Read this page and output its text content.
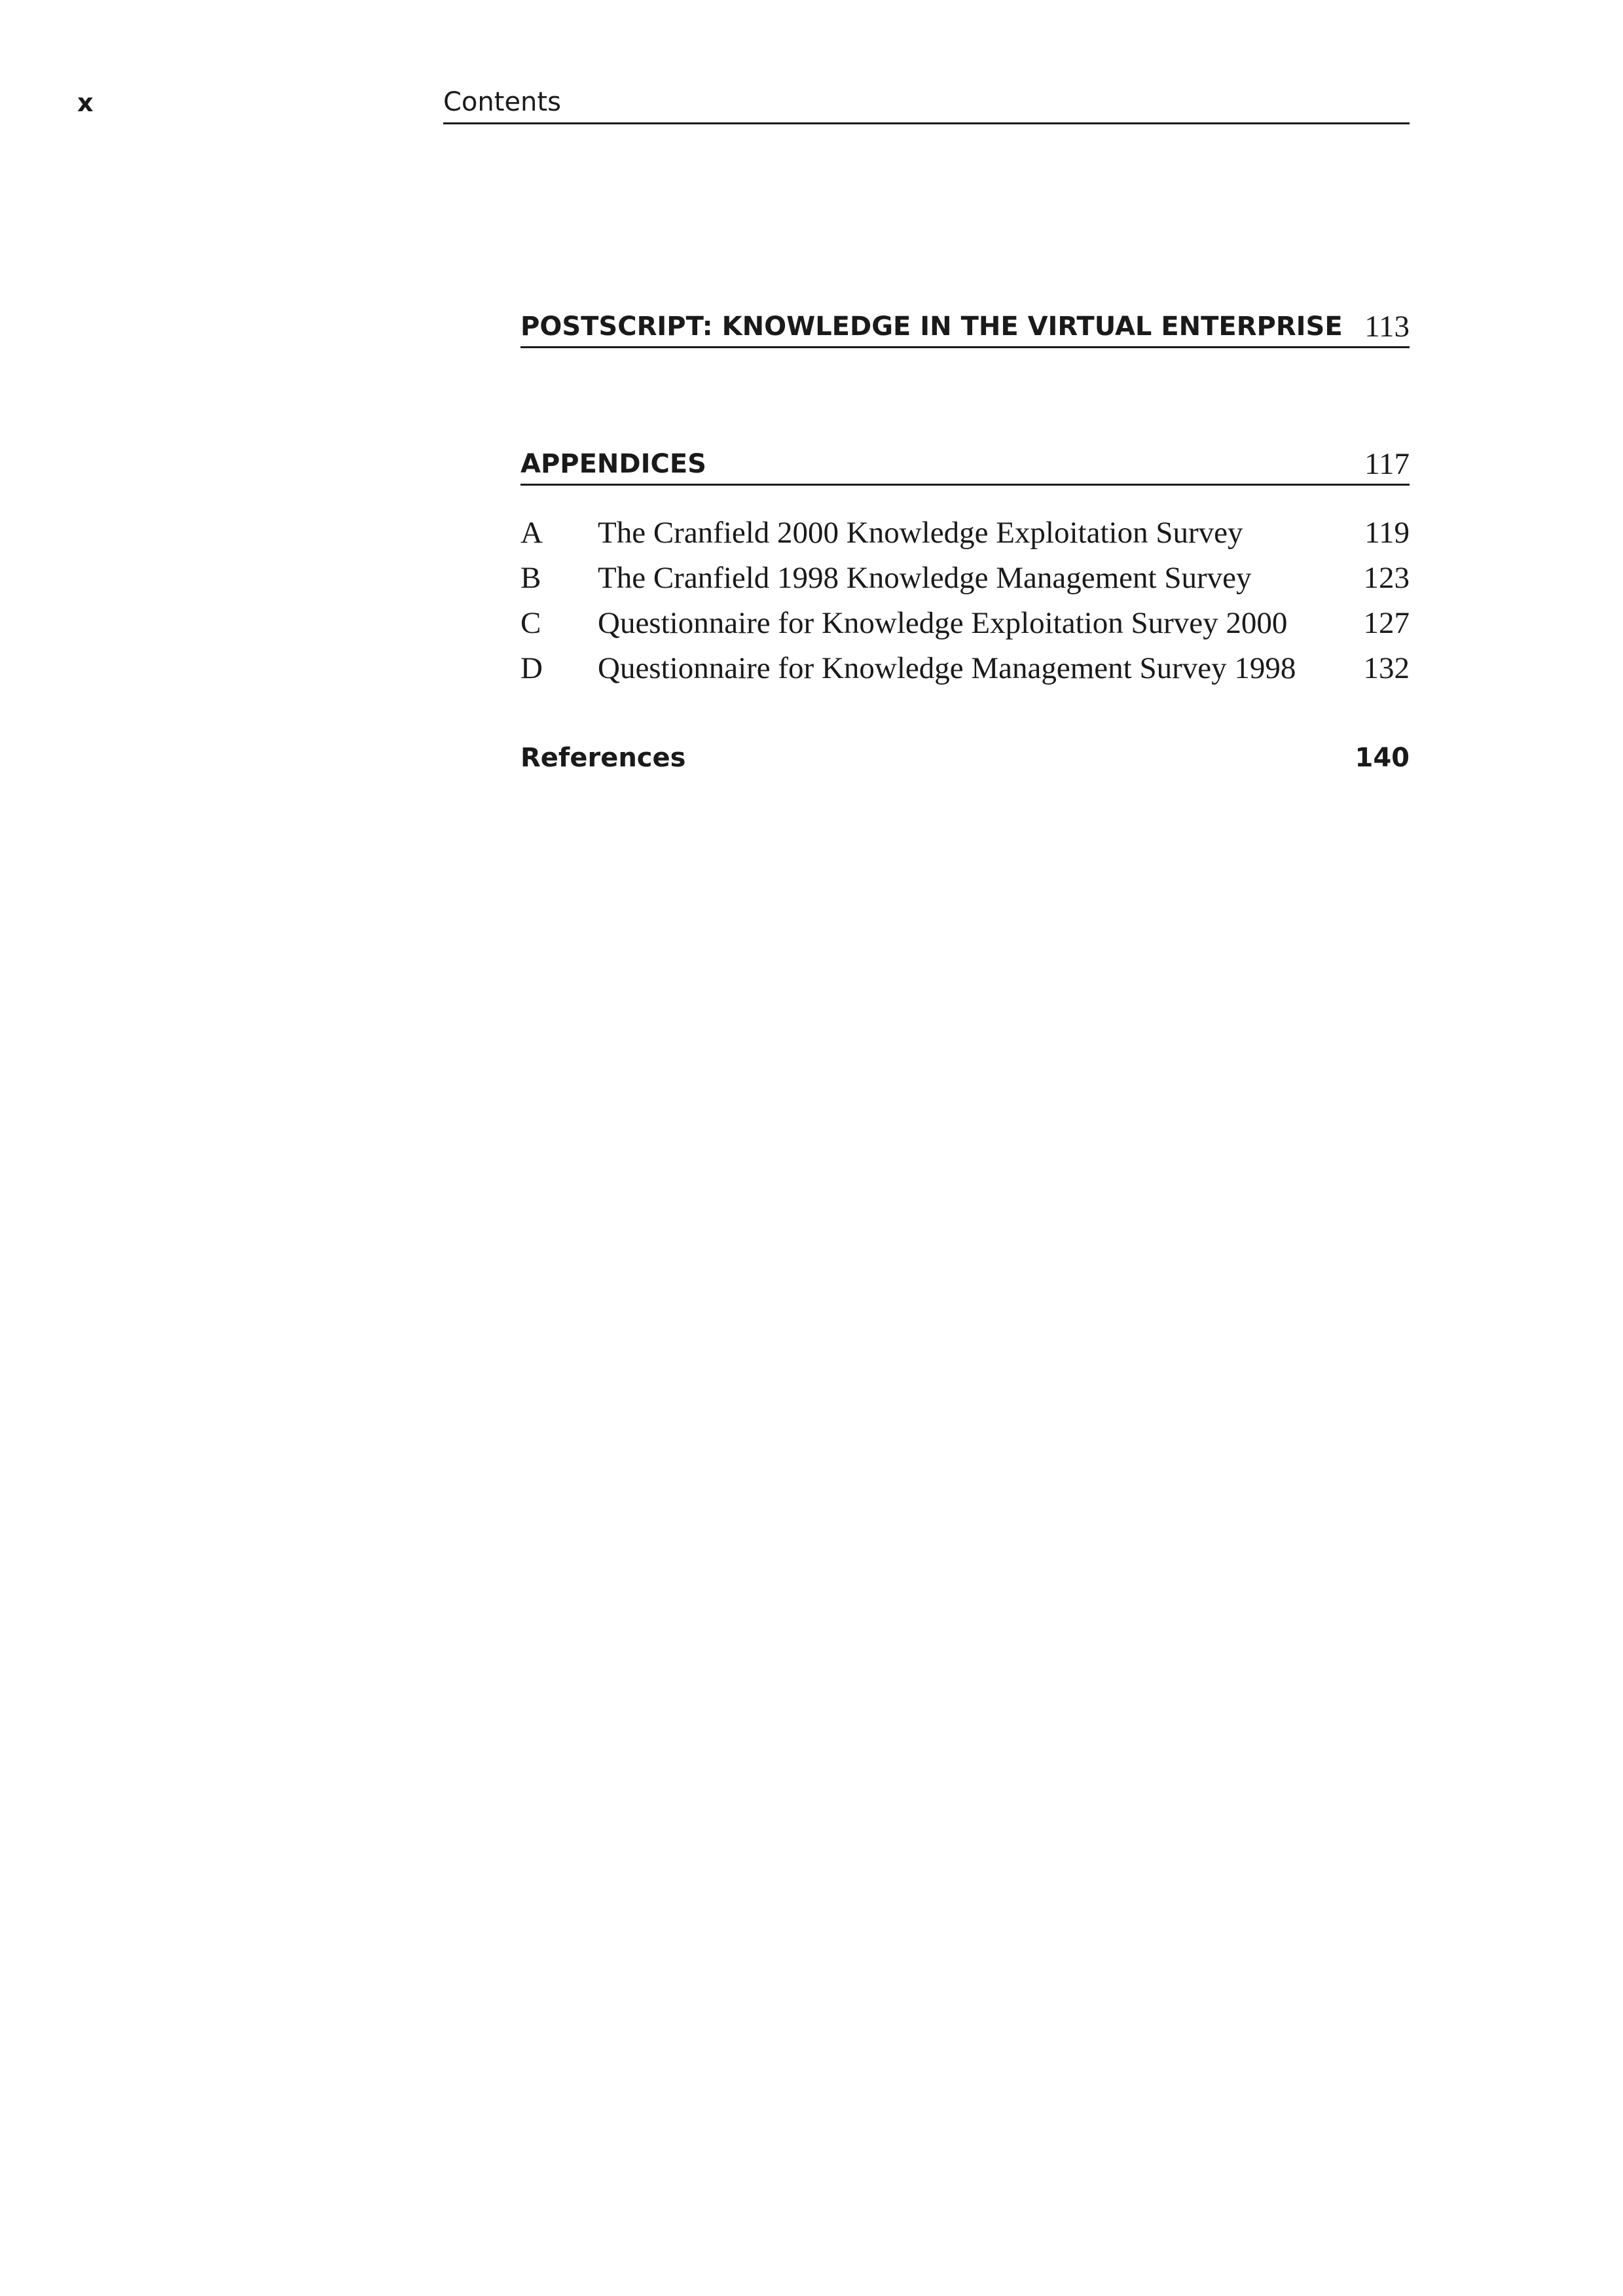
x	Contents
POSTSCRIPT: KNOWLEDGE IN THE VIRTUAL ENTERPRISE 113
APPENDICES	117
A	The Cranfield 2000 Knowledge Exploitation Survey	119
B	The Cranfield 1998 Knowledge Management Survey	123
C	Questionnaire for Knowledge Exploitation Survey 2000	127
D	Questionnaire for Knowledge Management Survey 1998	132
References	140
